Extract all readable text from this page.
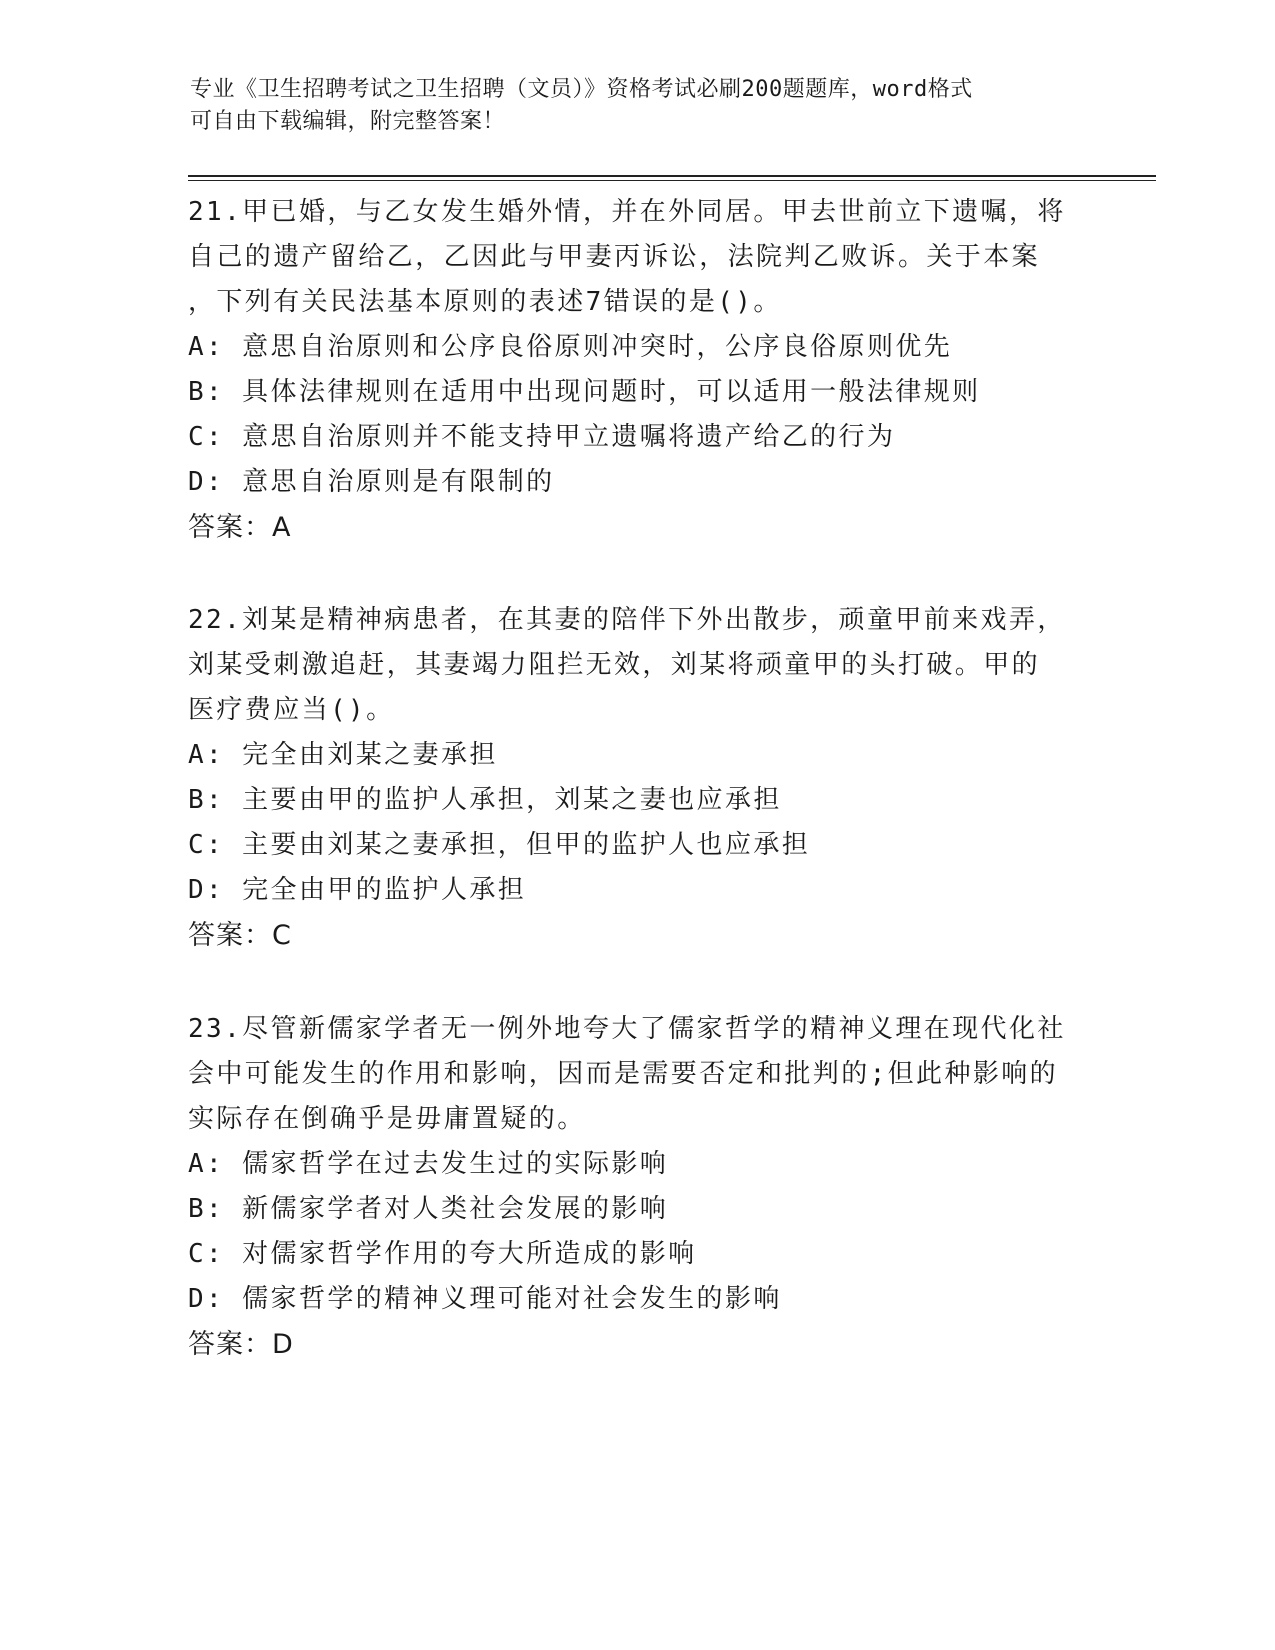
专业《卫生招聘考试之卫生招聘（文员）》资格考试必刷200题题库，word格式
可自由下载编辑，附完整答案！
21.甲已婚，与乙女发生婚外情，并在外同居。甲去世前立下遗嘱，将
自己的遗产留给乙，乙因此与甲妻丙诉讼，法院判乙败诉。关于本案
，下列有关民法基本原则的表述7错误的是()。
A: 意思自治原则和公序良俗原则冲突时，公序良俗原则优先
B: 具体法律规则在适用中出现问题时，可以适用一般法律规则
C: 意思自治原则并不能支持甲立遗嘱将遗产给乙的行为
D: 意思自治原则是有限制的
答案：A
22.刘某是精神病患者，在其妻的陪伴下外出散步，顽童甲前来戏弄，
刘某受刺激追赶，其妻竭力阻拦无效，刘某将顽童甲的头打破。甲的
医疗费应当()。
A: 完全由刘某之妻承担
B: 主要由甲的监护人承担，刘某之妻也应承担
C: 主要由刘某之妻承担，但甲的监护人也应承担
D: 完全由甲的监护人承担
答案：C
23.尽管新儒家学者无一例外地夸大了儒家哲学的精神义理在现代化社
会中可能发生的作用和影响，因而是需要否定和批判的;但此种影响的
实际存在倒确乎是毋庸置疑的。
A: 儒家哲学在过去发生过的实际影响
B: 新儒家学者对人类社会发展的影响
C: 对儒家哲学作用的夸大所造成的影响
D: 儒家哲学的精神义理可能对社会发生的影响
答案：D
